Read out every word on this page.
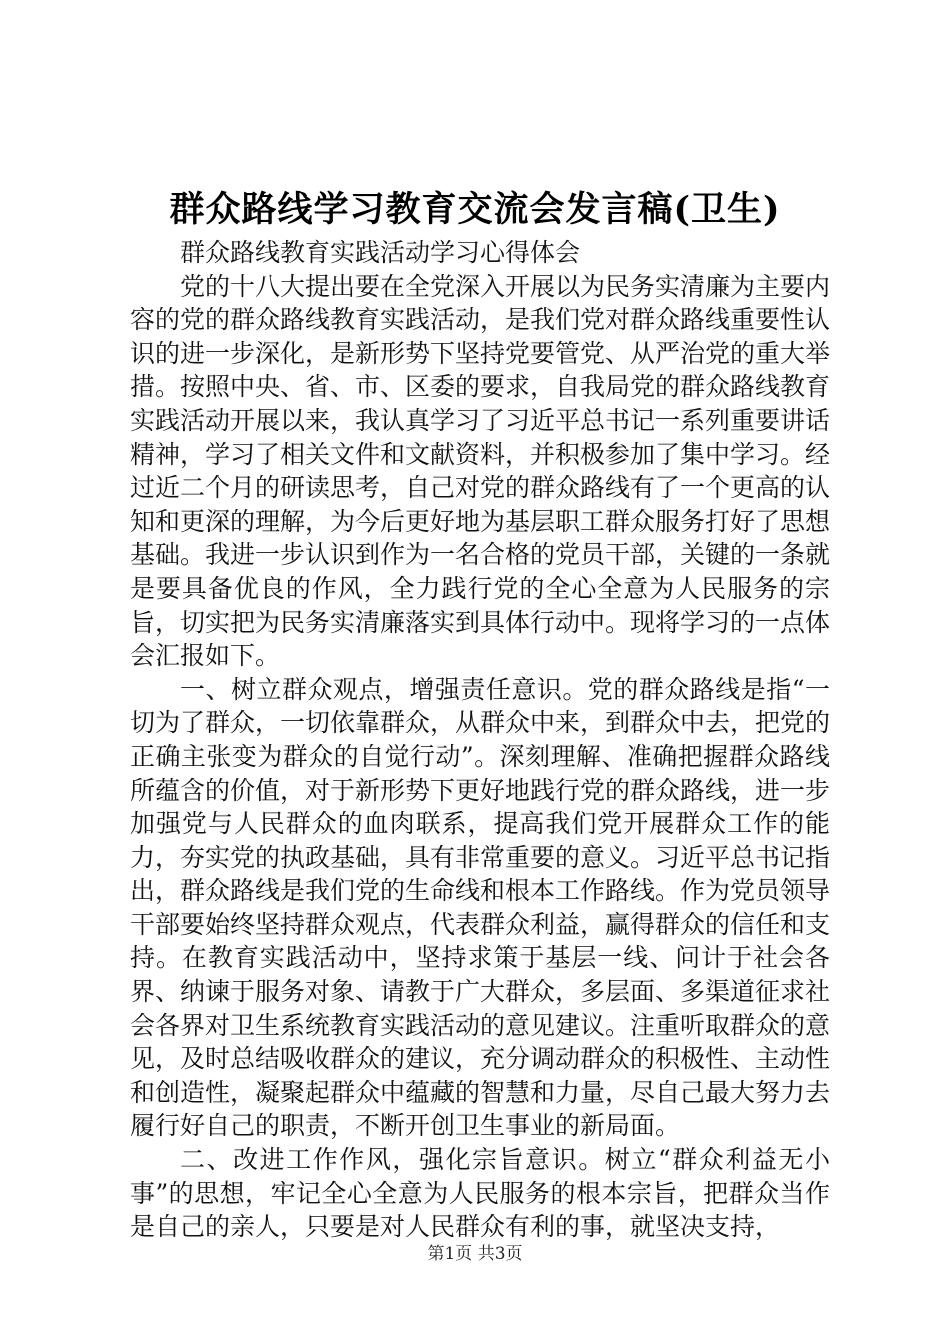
群众路线学习教育交流会发言稿(卫生)

群众路线教育实践活动学习心得体会

党的十八大提出要在全党深入开展以为民务实清廉为主要内容的党的群众路线教育实践活动，是我们党对群众路线重要性认识的进一步深化，是新形势下坚持党要管党、从严治党的重大举措。按照中央、省、市、区委的要求，自我局党的群众路线教育实践活动开展以来，我认真学习了习近平总书记一系列重要讲话精神，学习了相关文件和文献资料，并积极参加了集中学习。经过近二个月的研读思考，自己对党的群众路线有了一个更高的认知和更深的理解，为今后更好地为基层职工群众服务打好了思想基础。我进一步认识到作为一名合格的党员干部，关键的一条就是要具备优良的作风，全力践行党的全心全意为人民服务的宗旨，切实把为民务实清廉落实到具体行动中。现将学习的一点体会汇报如下。

一、树立群众观点，增强责任意识。党的群众路线是指“一切为了群众，一切依靠群众，从群众中来，到群众中去，把党的正确主张变为群众的自觉行动”。深刻理解、准确把握群众路线所蕴含的价值，对于新形势下更好地践行党的群众路线，进一步加强党与人民群众的血肉联系，提高我们党开展群众工作的能力，夯实党的执政基础，具有非常重要的意义。习近平总书记指出，群众路线是我们党的生命线和根本工作路线。作为党员领导干部要始终坚持群众观点，代表群众利益，赢得群众的信任和支持。在教育实践活动中，坚持求策于基层一线、问计于社会各界、纳谏于服务对象、请教于广大群众，多层面、多渠道征求社会各界对卫生系统教育实践活动的意见建议。注重听取群众的意见，及时总结吸收群众的建议，充分调动群众的积极性、主动性和创造性，凝聚起群众中蕴藏的智慧和力量，尽自己最大努力去履行好自己的职责，不断开创卫生事业的新局面。

二、改进工作作风，强化宗旨意识。树立“群众利益无小事”的思想，牢记全心全意为人民服务的根本宗旨，把群众当作是自己的亲人，只要是对人民群众有利的事，就坚决支持，

第1页 共3页
